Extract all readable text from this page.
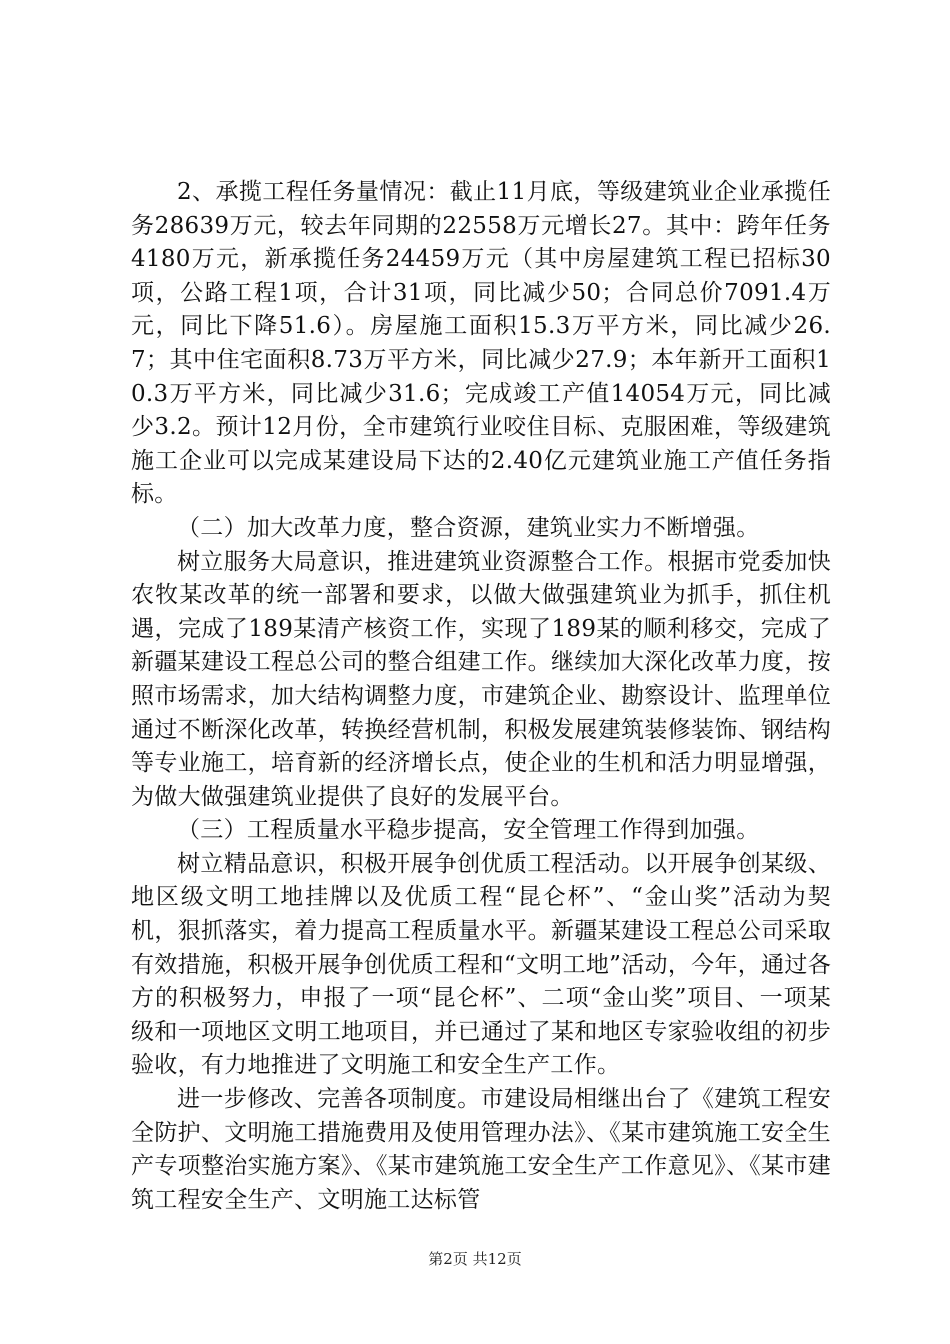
2、承揽工程任务量情况：截止11月底，等级建筑业企业承揽任务28639万元，较去年同期的22558万元增长27。其中：跨年任务4180万元，新承揽任务24459万元（其中房屋建筑工程已招标30项，公路工程1项，合计31项，同比减少50；合同总价7091.4万元，同比下降51.6）。房屋施工面积15.3万平方米，同比减少26.7；其中住宅面积8.73万平方米，同比减少27.9；本年新开工面积10.3万平方米，同比减少31.6；完成竣工产值14054万元，同比减少3.2。预计12月份，全市建筑行业咬住目标、克服困难，等级建筑施工企业可以完成某建设局下达的2.40亿元建筑业施工产值任务指标。

（二）加大改革力度，整合资源，建筑业实力不断增强。

树立服务大局意识，推进建筑业资源整合工作。根据市党委加快农牧某改革的统一部署和要求，以做大做强建筑业为抓手，抓住机遇，完成了189某清产核资工作，实现了189某的顺利移交，完成了新疆某建设工程总公司的整合组建工作。继续加大深化改革力度，按照市场需求，加大结构调整力度，市建筑企业、勘察设计、监理单位通过不断深化改革，转换经营机制，积极发展建筑装修装饰、钢结构等专业施工，培育新的经济增长点，使企业的生机和活力明显增强，为做大做强建筑业提供了良好的发展平台。

（三）工程质量水平稳步提高，安全管理工作得到加强。

树立精品意识，积极开展争创优质工程活动。以开展争创某级、地区级文明工地挂牌以及优质工程“昆仑杯”、“金山奖”活动为契机，狠抓落实，着力提高工程质量水平。新疆某建设工程总公司采取有效措施，积极开展争创优质工程和“文明工地”活动，今年，通过各方的积极努力，申报了一项“昆仑杯”、二项“金山奖”项目、一项某级和一项地区文明工地项目，并已通过了某和地区专家验收组的初步验收，有力地推进了文明施工和安全生产工作。

进一步修改、完善各项制度。市建设局相继出台了《建筑工程安全防护、文明施工措施费用及使用管理办法》、《某市建筑施工安全生产专项整治实施方案》、《某市建筑施工安全生产工作意见》、《某市建筑工程安全生产、文明施工达标管

第2页 共12页
